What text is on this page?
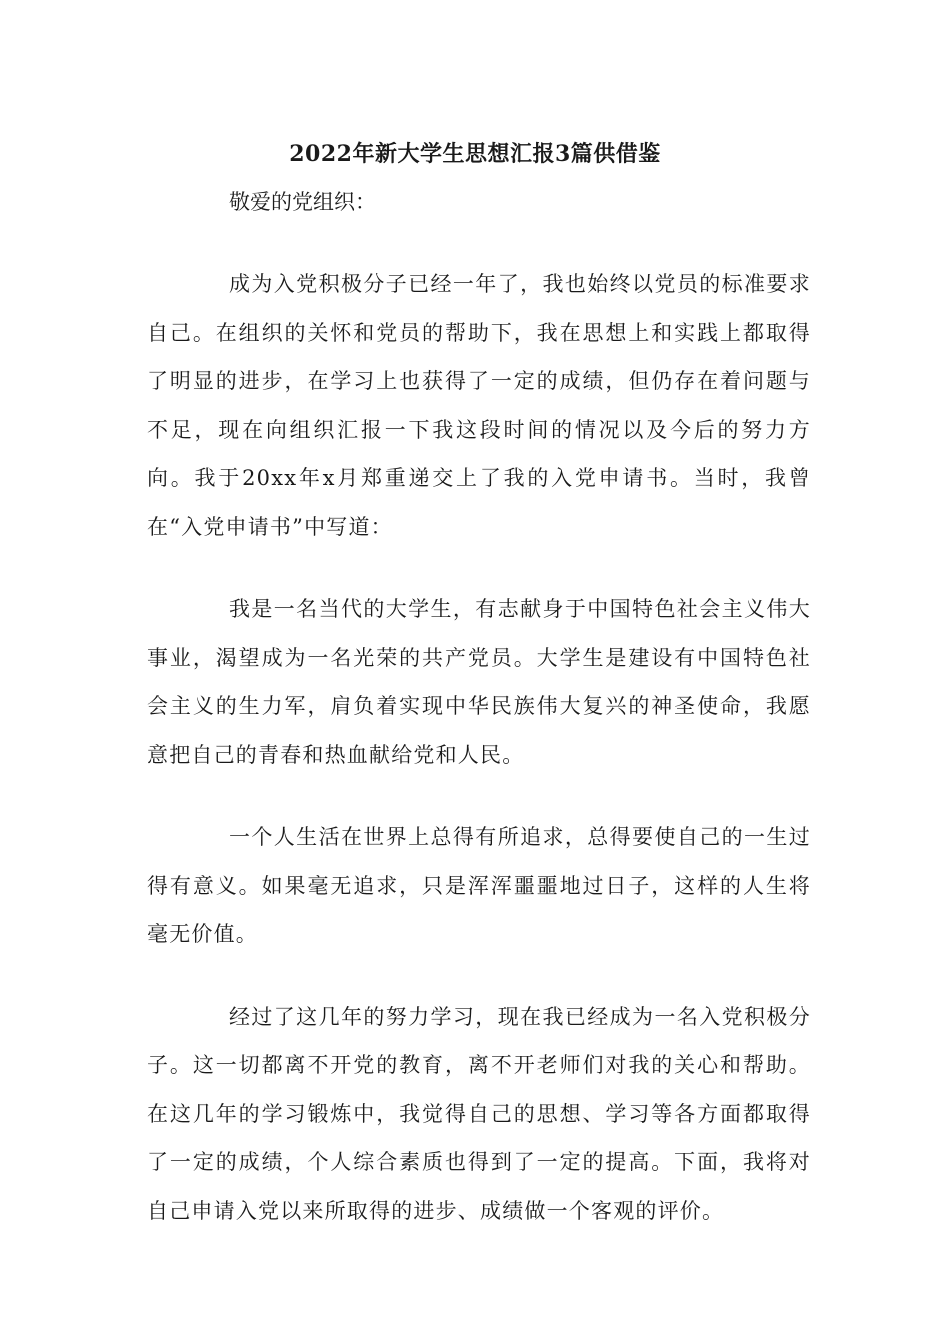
2022年新大学生思想汇报3篇供借鉴

敬爱的党组织：

成为入党积极分子已经一年了，我也始终以党员的标准要求自己。在组织的关怀和党员的帮助下，我在思想上和实践上都取得了明显的进步，在学习上也获得了一定的成绩，但仍存在着问题与不足，现在向组织汇报一下我这段时间的情况以及今后的努力方向。我于20xx年x月郑重递交上了我的入党申请书。当时，我曾在“入党申请书”中写道：

我是一名当代的大学生，有志献身于中国特色社会主义伟大事业，渴望成为一名光荣的共产党员。大学生是建设有中国特色社会主义的生力军，肩负着实现中华民族伟大复兴的神圣使命，我愿意把自己的青春和热血献给党和人民。

一个人生活在世界上总得有所追求，总得要使自己的一生过得有意义。如果毫无追求，只是浑浑噩噩地过日子，这样的人生将毫无价值。

经过了这几年的努力学习，现在我已经成为一名入党积极分子。这一切都离不开党的教育，离不开老师们对我的关心和帮助。在这几年的学习锻炼中，我觉得自己的思想、学习等各方面都取得了一定的成绩，个人综合素质也得到了一定的提高。下面，我将对自己申请入党以来所取得的进步、成绩做一个客观的评价。
